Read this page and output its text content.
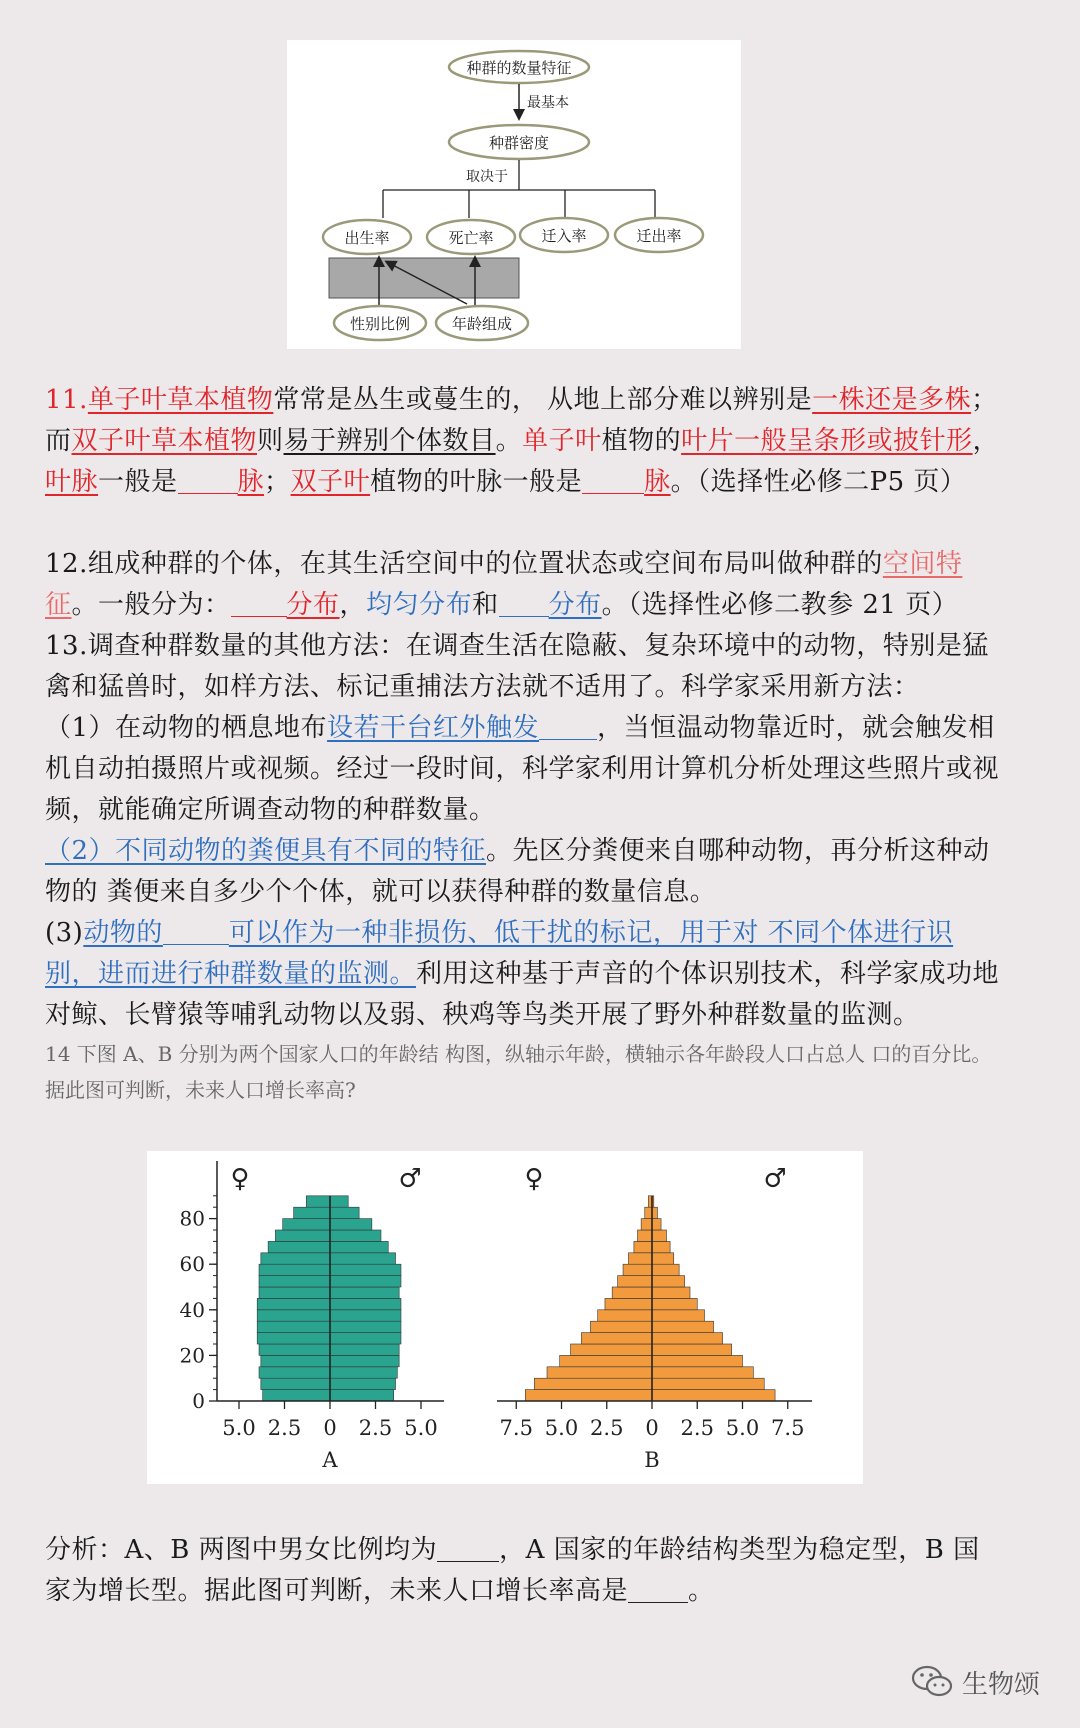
种群的数量特征
最基本
种群密度
取决于
出生率	死亡率	迁入率	迁出率
性别比例	年龄组成
11.单子叶草本植物常常是丛生或蔓生的， 从地上部分难以辨别是一株还是多株；而双子叶草本植物则易于辨别个体数目。单子叶植物的叶片一般呈条形或披针形，叶脉一般是 脉；双子叶植物的叶脉一般是 脉。（选择性必修二P5 页）
12.组成种群的个体，在其生活空间中的位置状态或空间布局叫做种群的空间特征。一般分为： 分布，均匀分布和 分布。（选择性必修二教参 21 页）
13.调查种群数量的其他方法：在调查生活在隐蔽、复杂环境中的动物，特别是猛禽和猛兽时，如样方法、标记重捕法方法就不适用了。科学家采用新方法：
（1）在动物的栖息地布设若干台红外触发 ，当恒温动物靠近时，就会触发相机自动拍摄照片或视频。经过一段时间，科学家利用计算机分析处理这些照片或视频，就能确定所调查动物的种群数量。
（2）不同动物的粪便具有不同的特征。先区分粪便来自哪种动物，再分析这种动物的 粪便来自多少个个体，就可以获得种群的数量信息。
(3)动物的	可以作为一种非损伤、低干扰的标记，用于对 不同个体进行识别，进而进行种群数量的监测。利用这种基于声音的个体识别技术，科学家成功地对鲸、长臂猿等哺乳动物以及弱、秧鸡等鸟类开展了野外种群数量的监测。
14 下图 A、B 分别为两个国家人口的年龄结 构图，纵轴示年龄，横轴示各年龄段人口占总人 口的百分比。据此图可判断，未来人口增长率高?
0
20
40
60
80
5.0 2.5 0 2.5 5.0
♀	♂
A
7.5 5.0 2.5 0 2.5 5.0 7.5
♀	♂
B
分析：A、B 两图中男女比例均为 ，A 国家的年龄结构类型为稳定型，B 国家为增长型。据此图可判断，未来人口增长率高是 。
生物颂
